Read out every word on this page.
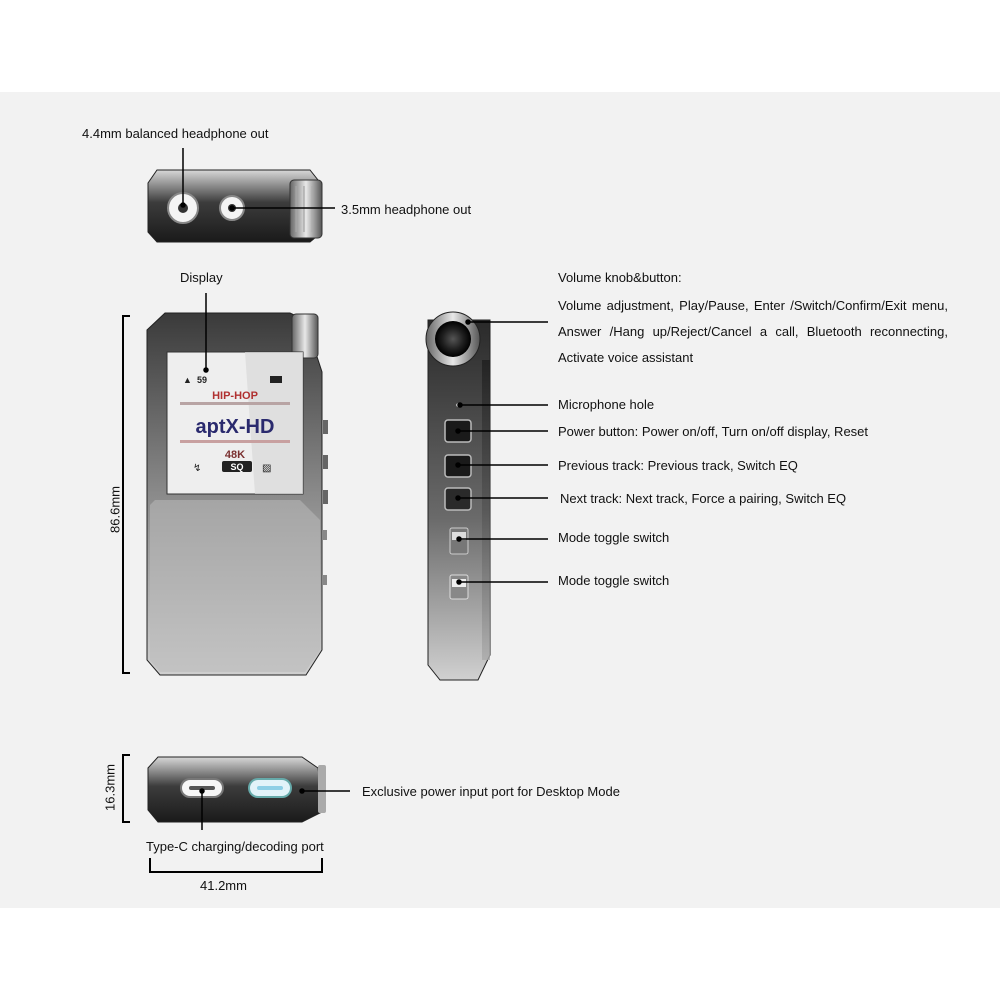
59
▲
HIP-HOP
aptX-HD
48K
SQ
↯	▨
4.4mm balanced headphone out
3.5mm headphone out
Display	Volume knob&button:
Volume adjustment, Play/Pause, Enter /Switch/Confirm/Exit menu, Answer /Hang up/Reject/Cancel a call, Bluetooth reconnecting, Activate voice assistant
Microphone hole
Power button: Power on/off, Turn on/off display, Reset
Previous track: Previous track, Switch EQ
Next track: Next track, Force a pairing, Switch EQ
Mode toggle switch
Mode toggle switch
Exclusive power input port for Desktop Mode
Type-C charging/decoding port
86.6mm
16.3mm
41.2mm
